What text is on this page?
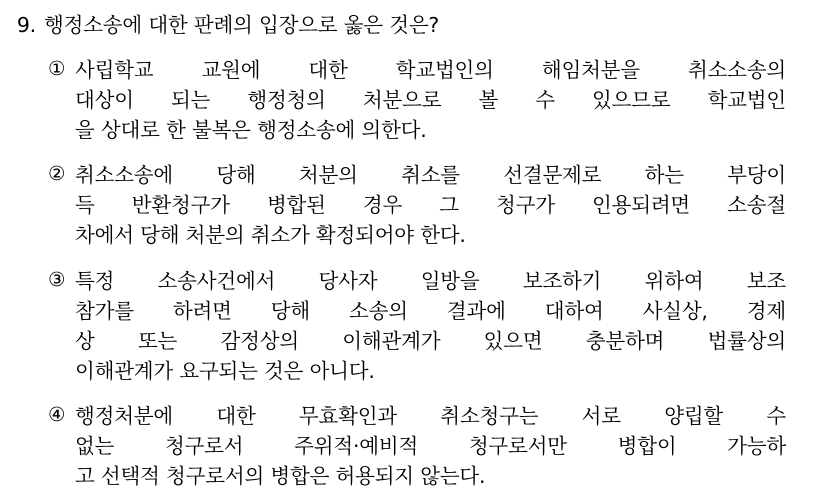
9. 행정소송에 대한 판례의 입장으로 옳은 것은?
① 사립학교 교원에 대한 학교법인의 해임처분을 취소소송의
대상이 되는 행정청의 처분으로 볼 수 있으므로 학교법인
을 상대로 한 불복은 행정소송에 의한다.
② 취소소송에 당해 처분의 취소를 선결문제로 하는 부당이
득 반환청구가 병합된 경우 그 청구가 인용되려면 소송절
차에서 당해 처분의 취소가 확정되어야 한다.
③ 특정 소송사건에서 당사자 일방을 보조하기 위하여 보조
참가를 하려면 당해 소송의 결과에 대하여 사실상, 경제
상 또는 감정상의 이해관계가 있으면 충분하며 법률상의
이해관계가 요구되는 것은 아니다.
④ 행정처분에 대한 무효확인과 취소청구는 서로 양립할 수
없는 청구로서 주위적·예비적 청구로서만 병합이 가능하
고 선택적 청구로서의 병합은 허용되지 않는다.
